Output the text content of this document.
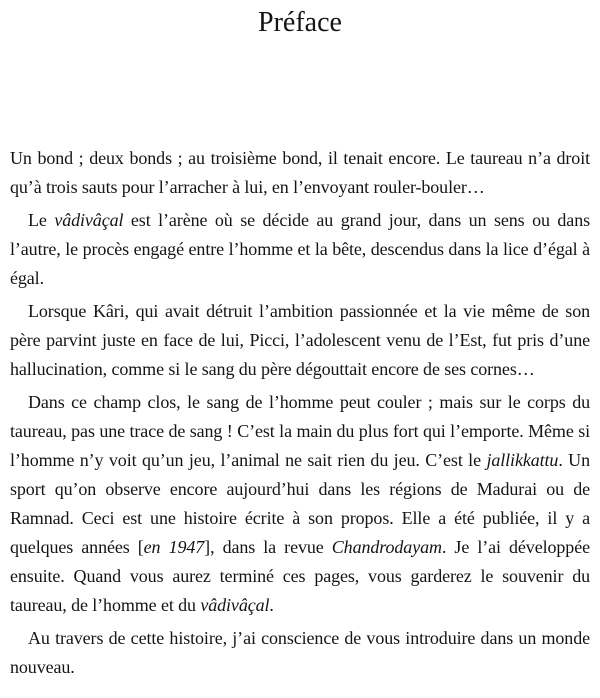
Préface

Un bond ; deux bonds ; au troisième bond, il tenait encore. Le taureau n’a droit qu’à trois sauts pour l’arracher à lui, en l’envoyant rouler-bouler…

Le vâdivâçal est l’arène où se décide au grand jour, dans un sens ou dans l’autre, le procès engagé entre l’homme et la bête, descendus dans la lice d’égal à égal.

Lorsque Kâri, qui avait détruit l’ambition passionnée et la vie même de son père parvint juste en face de lui, Picci, l’adolescent venu de l’Est, fut pris d’une hallucination, comme si le sang du père dégouttait encore de ses cornes…

Dans ce champ clos, le sang de l’homme peut couler ; mais sur le corps du taureau, pas une trace de sang ! C’est la main du plus fort qui l’emporte. Même si l’homme n’y voit qu’un jeu, l’animal ne sait rien du jeu. C’est le jallikkattu. Un sport qu’on observe encore aujourd’hui dans les régions de Madurai ou de Ramnad. Ceci est une histoire écrite à son propos. Elle a été publiée, il y a quelques années [en 1947], dans la revue Chandrodayam. Je l’ai développée ensuite. Quand vous aurez terminé ces pages, vous garderez le souvenir du taureau, de l’homme et du vâdivâçal.

Au travers de cette histoire, j’ai conscience de vous introduire dans un monde nouveau.
